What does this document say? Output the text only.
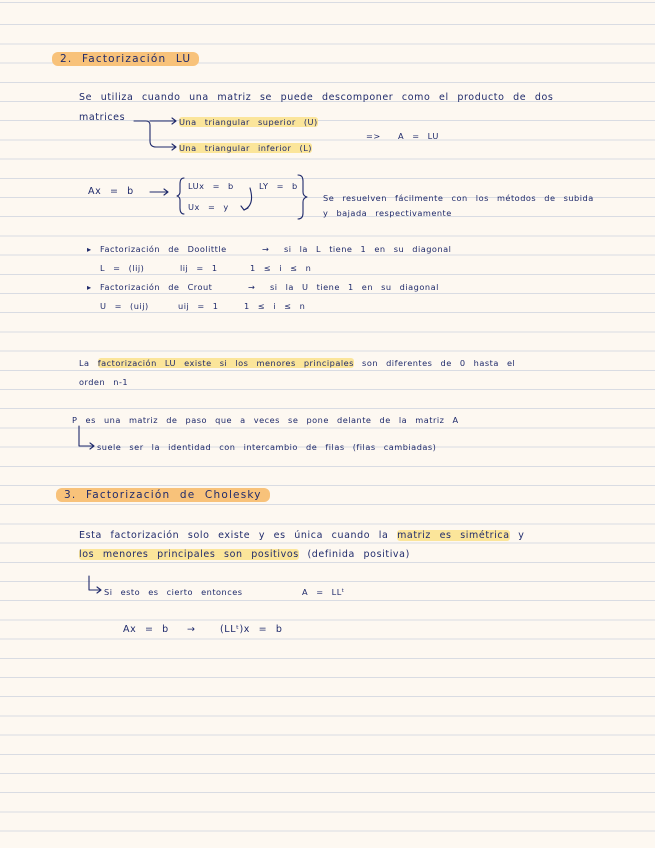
2. Factorización LU
Se utiliza cuando una matriz se puede descomponer como el producto de dos
matrices	Una triangular superior (U)
Una triangular inferior (L)
=> A = LU
Ax = b	LUx = b	LY = b
Ux = y
Se resuelven fácilmente con los métodos de subida
y bajada respectivamente
▸ Factorización de Doolittle	→ si la L tiene 1 en su diagonal
L = (lij)	lij = 1	1 ≤ i ≤ n
▸ Factorización de Crout	→ si la U tiene 1 en su diagonal
U = (uij)	uij = 1	1 ≤ i ≤ n
La factorización LU existe si los menores principales son diferentes de 0 hasta el
orden n-1
P es una matriz de paso que a veces se pone delante de la matriz A
suele ser la identidad con intercambio de filas (filas cambiadas)
3. Factorización de Cholesky
Esta factorización solo existe y es única cuando la matriz es simétrica y
los menores principales son positivos (definida positiva)
Si esto es cierto entonces	A = LLᵗ
Ax = b →	(LLᵗ)x = b
